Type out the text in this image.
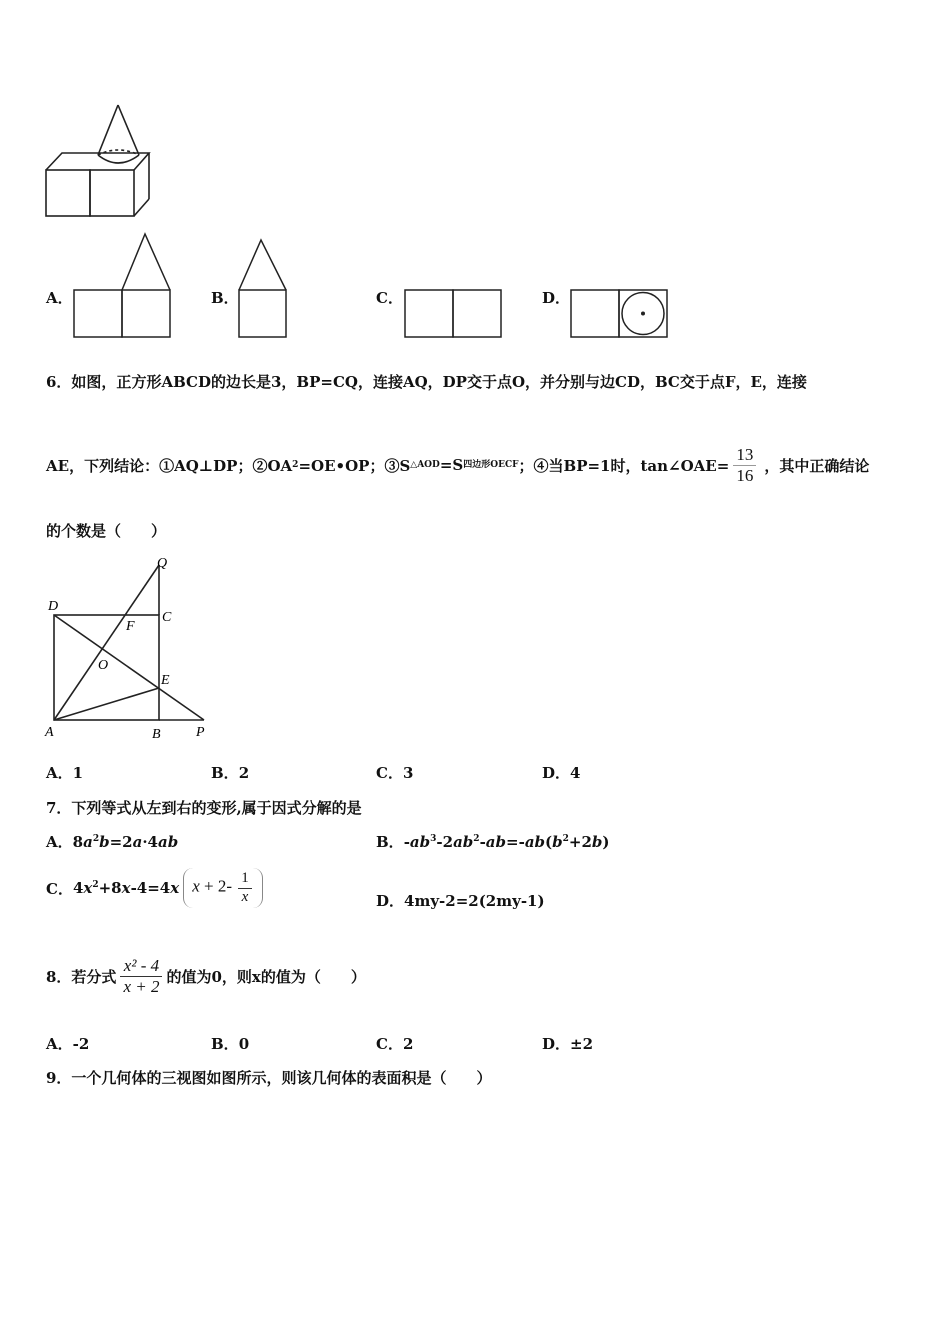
A．	B．	C．	D．
6．如图，正方形ABCD的边长是3，BP=CQ，连接AQ，DP交于点O，并分别与边CD，BC交于点F，E，连接
AE，下列结论：①AQ⊥DP；②OA 2 =OE•OP；③S △AOD =S 四边形OECF ；④当BP=1时，tan∠OAE= $\frac{13}{16}$ ，其中正确结论
的个数是（　　）
Q
D
C
F
O
E
A	B	P
A．1	B．2	C．3	D．4
7．下列等式从左到右的变形,属于因式分解的是
A．$8a^2b=2a\cdot 4ab$	B．$-ab^3-2ab^2-ab=-ab(b^2+2b)$
C． $4x^2+8x-4=4x$ $x + 2- \frac{1}{x}$	D．4my-2=2(2my-1)
8．若分式 $\frac{\text{x² - 4}}{x + 2}$ 的值为0，则x的值为（　　）
A．-2	B．0	C．2	D．±2
9．一个几何体的三视图如图所示，则该几何体的表面积是（　　）
